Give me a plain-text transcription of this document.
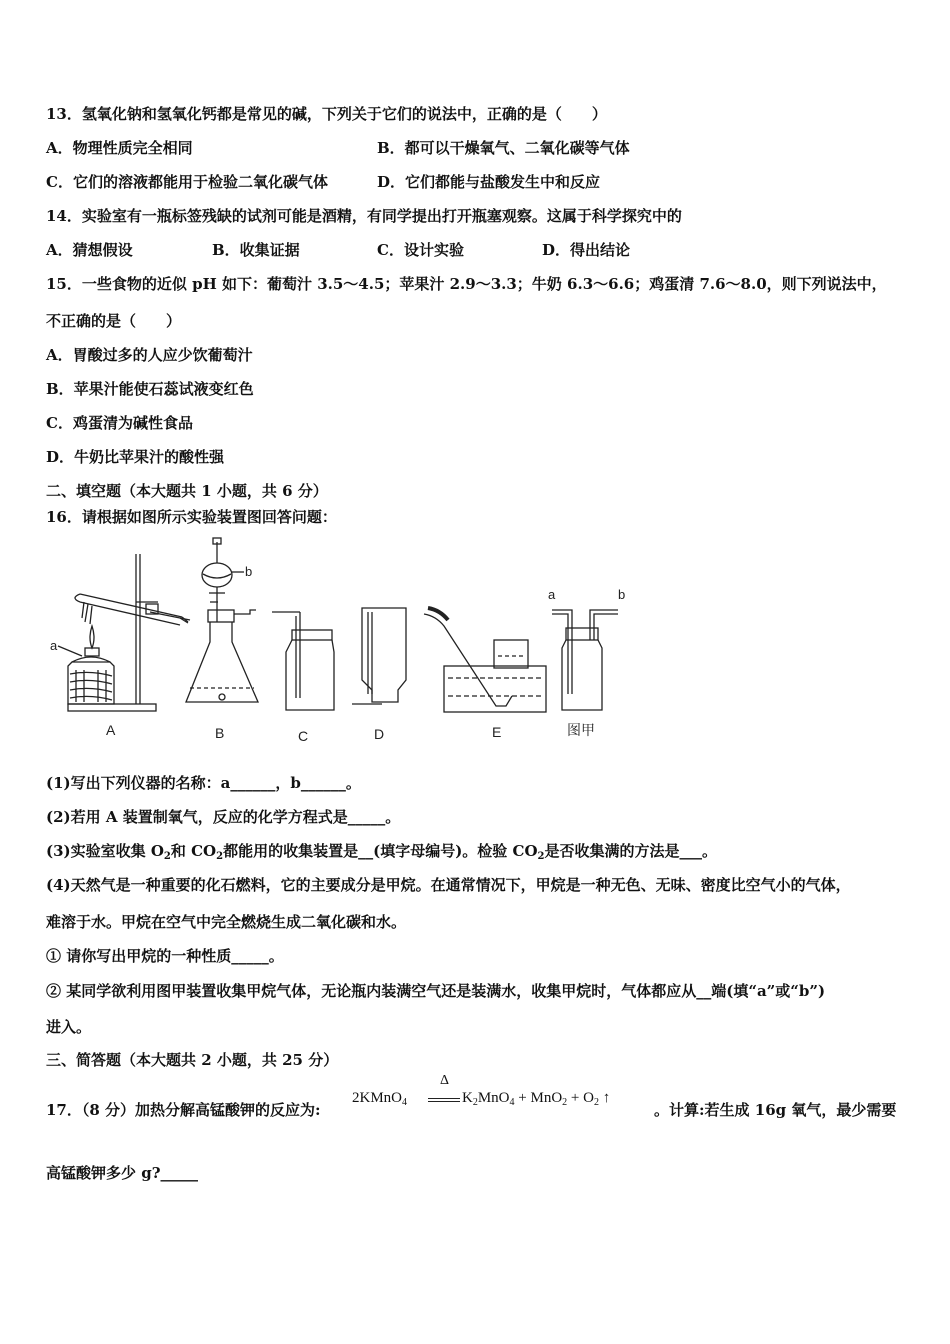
13．氢氧化钠和氢氧化钙都是常见的碱，下列关于它们的说法中，正确的是（　　）
A．物理性质完全相同	B．都可以干燥氧气、二氧化碳等气体
C．它们的溶液都能用于检验二氧化碳气体	D．它们都能与盐酸发生中和反应
14．实验室有一瓶标签残缺的试剂可能是酒精，有同学提出打开瓶塞观察。这属于科学探究中的
A．猜想假设	B．收集证据	C．设计实验	D．得出结论
15．一些食物的近似 pH 如下：葡萄汁 3.5～4.5；苹果汁 2.9～3.3；牛奶 6.3～6.6；鸡蛋清 7.6～8.0，则下列说法中，
不正确的是（　　）
A．胃酸过多的人应少饮葡萄汁
B．苹果汁能使石蕊试液变红色
C．鸡蛋清为碱性食品
D．牛奶比苹果汁的酸性强
二、填空题（本大题共 1 小题，共 6 分）
16．请根据如图所示实验装置图回答问题：
a
A
b
B	C	D	E
a	b
图甲
(1)写出下列仪器的名称：a______，b______。
(2)若用 A 装置制氧气，反应的化学方程式是_____。
(3)实验室收集 $O_2$和 $CO_2$都能用的收集装置是__(填字母编号)。检验 $CO_2$是否收集满的方法是___。
(4)天然气是一种重要的化石燃料，它的主要成分是甲烷。在通常情况下，甲烷是一种无色、无味、密度比空气小的气体，
难溶于水。甲烷在空气中完全燃烧生成二氧化碳和水。
① 请你写出甲烷的一种性质_____。
② 某同学欲利用图甲装置收集甲烷气体，无论瓶内装满空气还是装满水，收集甲烷时，气体都应从__端(填“a”或“b”)
进入。
三、简答题（本大题共 2 小题，共 25 分）
17．（8 分）加热分解高锰酸钾的反应为:
2KMnO$_4$
Δ
$K_2MnO_4 + MnO_2 + O_2$ ↑
。计算:若生成 16g 氧气，最少需要
高锰酸钾多少 g?_____
